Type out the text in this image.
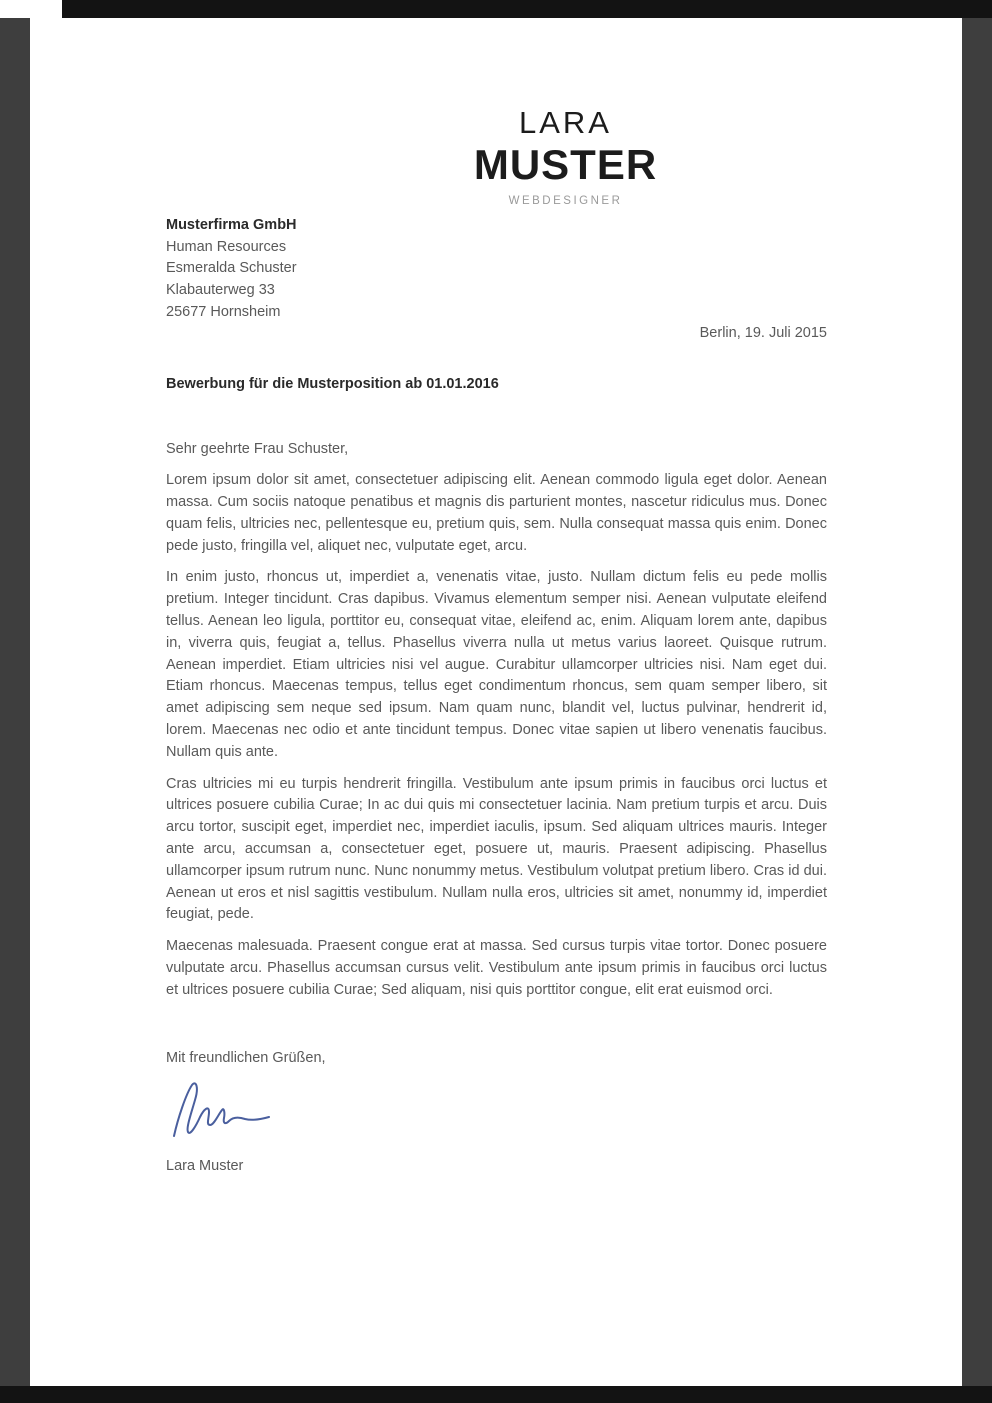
LARA
MUSTER
WEBDESIGNER
Musterfirma GmbH
Human Resources
Esmeralda Schuster
Klabauterweg 33
25677 Hornsheim
Berlin, 19. Juli 2015
Bewerbung für die Musterposition ab 01.01.2016
Sehr geehrte Frau Schuster,

Lorem ipsum dolor sit amet, consectetuer adipiscing elit. Aenean commodo ligula eget dolor. Aenean massa. Cum sociis natoque penatibus et magnis dis parturient montes, nascetur ridiculus mus. Donec quam felis, ultricies nec, pellentesque eu, pretium quis, sem. Nulla consequat massa quis enim. Donec pede justo, fringilla vel, aliquet nec, vulputate eget, arcu.

In enim justo, rhoncus ut, imperdiet a, venenatis vitae, justo. Nullam dictum felis eu pede mollis pretium. Integer tincidunt. Cras dapibus. Vivamus elementum semper nisi. Aenean vulputate eleifend tellus. Aenean leo ligula, porttitor eu, consequat vitae, eleifend ac, enim. Aliquam lorem ante, dapibus in, viverra quis, feugiat a, tellus. Phasellus viverra nulla ut metus varius laoreet. Quisque rutrum. Aenean imperdiet. Etiam ultricies nisi vel augue. Curabitur ullamcorper ultricies nisi. Nam eget dui. Etiam rhoncus. Maecenas tempus, tellus eget condimentum rhoncus, sem quam semper libero, sit amet adipiscing sem neque sed ipsum. Nam quam nunc, blandit vel, luctus pulvinar, hendrerit id, lorem. Maecenas nec odio et ante tincidunt tempus. Donec vitae sapien ut libero venenatis faucibus. Nullam quis ante.

Cras ultricies mi eu turpis hendrerit fringilla. Vestibulum ante ipsum primis in faucibus orci luctus et ultrices posuere cubilia Curae; In ac dui quis mi consectetuer lacinia. Nam pretium turpis et arcu. Duis arcu tortor, suscipit eget, imperdiet nec, imperdiet iaculis, ipsum. Sed aliquam ultrices mauris. Integer ante arcu, accumsan a, consectetuer eget, posuere ut, mauris. Praesent adipiscing. Phasellus ullamcorper ipsum rutrum nunc. Nunc nonummy metus. Vestibulum volutpat pretium libero. Cras id dui. Aenean ut eros et nisl sagittis vestibulum. Nullam nulla eros, ultricies sit amet, nonummy id, imperdiet feugiat, pede.

Maecenas malesuada. Praesent congue erat at massa. Sed cursus turpis vitae tortor. Donec posuere vulputate arcu. Phasellus accumsan cursus velit. Vestibulum ante ipsum primis in faucibus orci luctus et ultrices posuere cubilia Curae; Sed aliquam, nisi quis porttitor congue, elit erat euismod orci.

Mit freundlichen Grüßen,
Lara Muster
